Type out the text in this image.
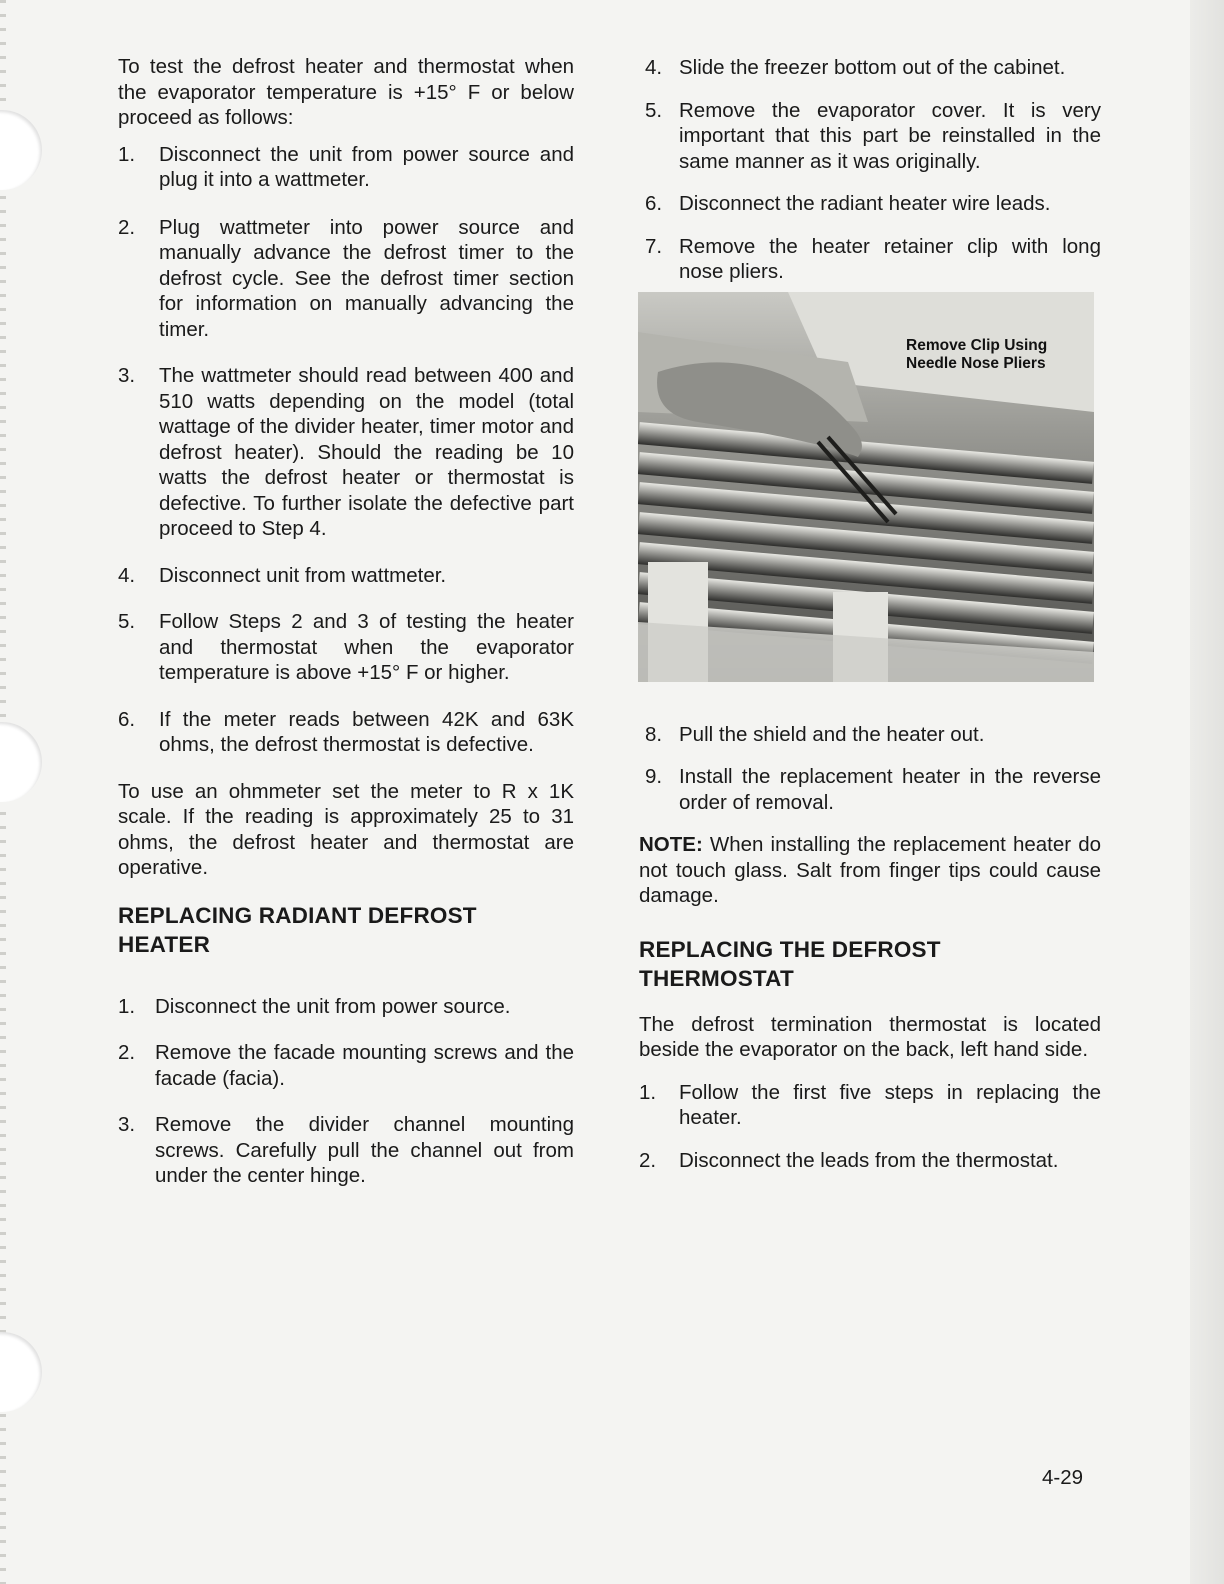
To test the defrost heater and thermostat when the evaporator temperature is +15° F or below proceed as follows:

1.	Disconnect the unit from power source and plug it into a wattmeter.
2.	Plug wattmeter into power source and manually advance the defrost timer to the defrost cycle. See the defrost timer section for information on manually advancing the timer.
3.	The wattmeter should read between 400 and 510 watts depending on the model (total wattage of the divider heater, timer motor and defrost heater). Should the reading be 10 watts the defrost heater or thermostat is defective. To further isolate the defective part proceed to Step 4.
4.	Disconnect unit from wattmeter.
5.	Follow Steps 2 and 3 of testing the heater and thermostat when the evaporator temperature is above +15° F or higher.
6.	If the meter reads between 42K and 63K ohms, the defrost thermostat is defective.

To use an ohmmeter set the meter to R x 1K scale. If the reading is approximately 25 to 31 ohms, the defrost heater and thermostat are operative.

REPLACING RADIANT DEFROST HEATER
1. Disconnect the unit from power source.
2. Remove the facade mounting screws and the facade (facia).
3. Remove the divider channel mounting screws. Carefully pull the channel out from under the center hinge.
4. Slide the freezer bottom out of the cabinet.
5. Remove the evaporator cover. It is very important that this part be reinstalled in the same manner as it was originally.
6. Disconnect the radiant heater wire leads.
7. Remove the heater retainer clip with long nose pliers.
Remove Clip Using Needle Nose Pliers
8. Pull the shield and the heater out.
9. Install the replacement heater in the reverse order of removal.

NOTE: When installing the replacement heater do not touch glass. Salt from finger tips could cause damage.

REPLACING THE DEFROST THERMOSTAT

The defrost termination thermostat is located beside the evaporator on the back, left hand side.

1.	Follow the first five steps in replacing the heater.
2.	Disconnect the leads from the thermostat.
4-29
